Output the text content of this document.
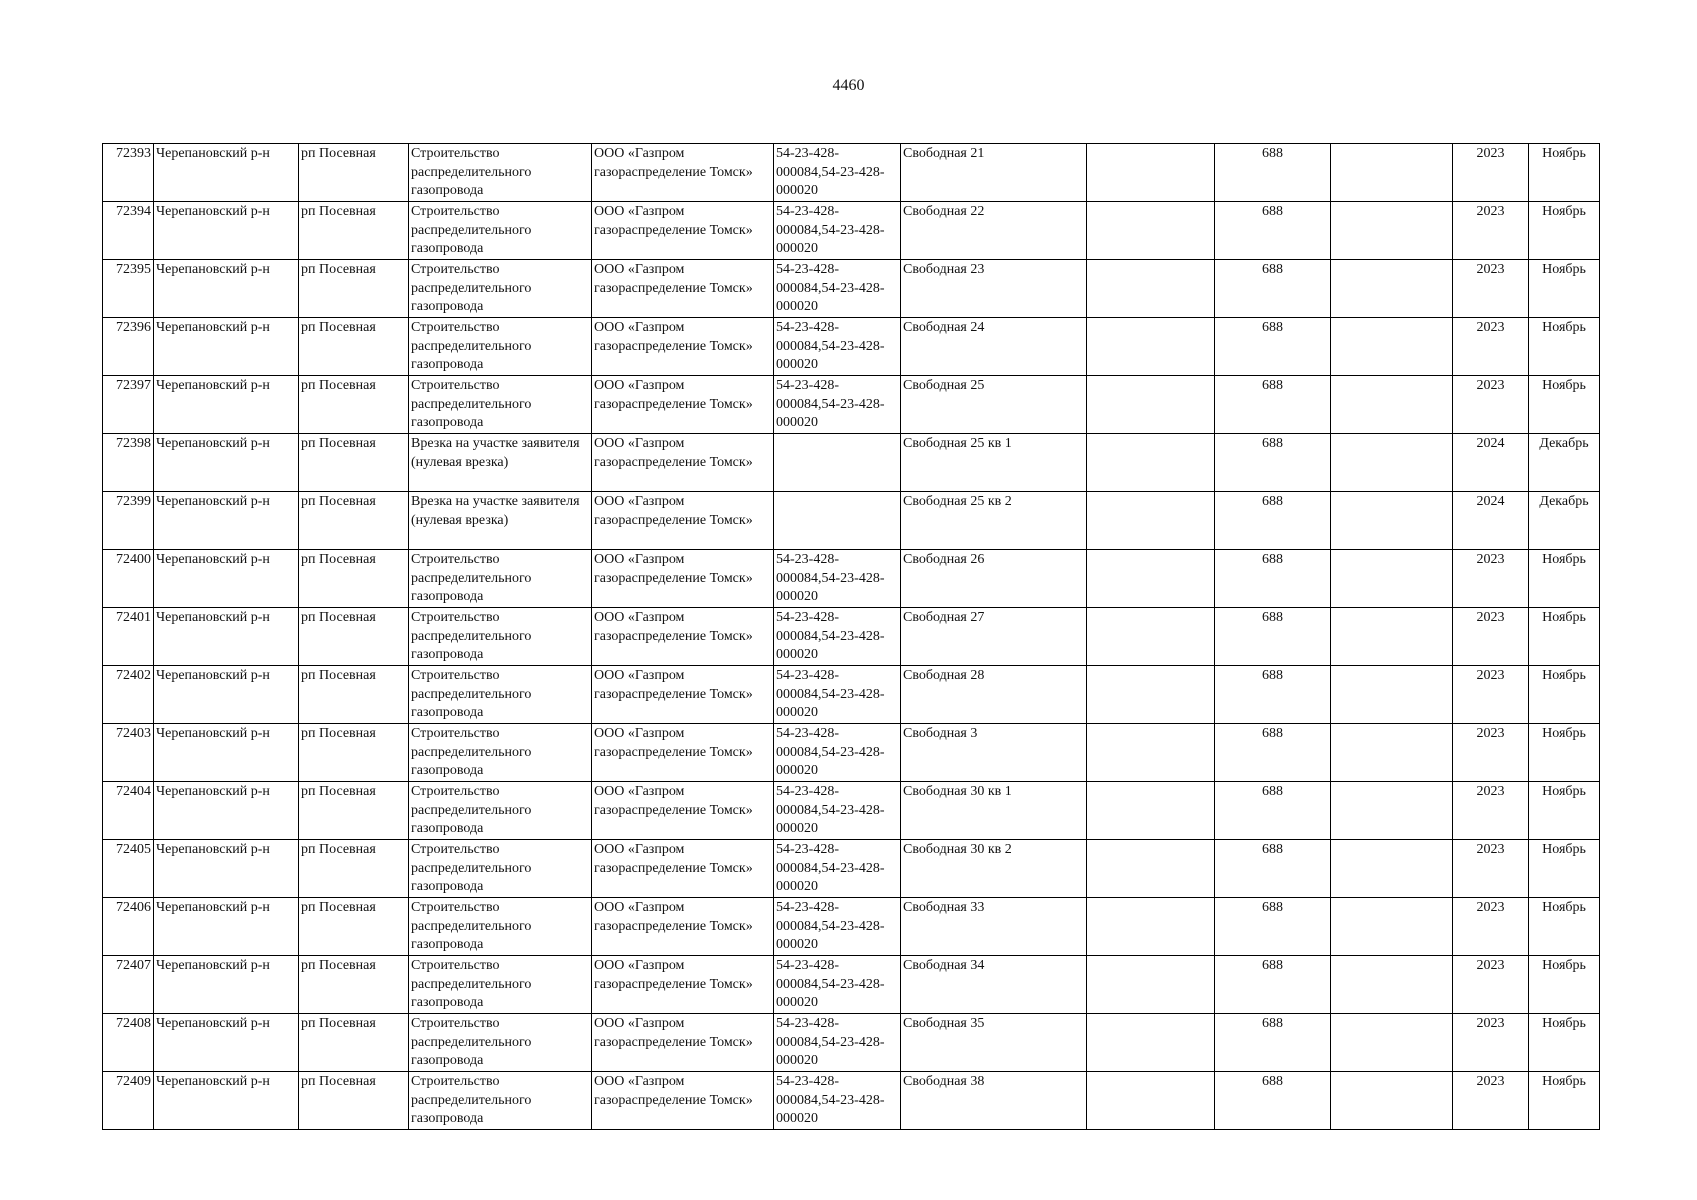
4460
72393	Черепановский р-н	рп Посевная	Строительство распределительного газопровода	ООО «Газпром газораспределение Томск»	54-23-428-000084,54-23-428-000020	Свободная 21		688		2023	Ноябрь
72394	Черепановский р-н	рп Посевная	Строительство распределительного газопровода	ООО «Газпром газораспределение Томск»	54-23-428-000084,54-23-428-000020	Свободная 22		688		2023	Ноябрь
72395	Черепановский р-н	рп Посевная	Строительство распределительного газопровода	ООО «Газпром газораспределение Томск»	54-23-428-000084,54-23-428-000020	Свободная 23		688		2023	Ноябрь
72396	Черепановский р-н	рп Посевная	Строительство распределительного газопровода	ООО «Газпром газораспределение Томск»	54-23-428-000084,54-23-428-000020	Свободная 24		688		2023	Ноябрь
72397	Черепановский р-н	рп Посевная	Строительство распределительного газопровода	ООО «Газпром газораспределение Томск»	54-23-428-000084,54-23-428-000020	Свободная 25		688		2023	Ноябрь
72398	Черепановский р-н	рп Посевная	Врезка на участке заявителя (нулевая врезка)	ООО «Газпром газораспределение Томск»		Свободная 25 кв 1		688		2024	Декабрь
72399	Черепановский р-н	рп Посевная	Врезка на участке заявителя (нулевая врезка)	ООО «Газпром газораспределение Томск»		Свободная 25 кв 2		688		2024	Декабрь
72400	Черепановский р-н	рп Посевная	Строительство распределительного газопровода	ООО «Газпром газораспределение Томск»	54-23-428-000084,54-23-428-000020	Свободная 26		688		2023	Ноябрь
72401	Черепановский р-н	рп Посевная	Строительство распределительного газопровода	ООО «Газпром газораспределение Томск»	54-23-428-000084,54-23-428-000020	Свободная 27		688		2023	Ноябрь
72402	Черепановский р-н	рп Посевная	Строительство распределительного газопровода	ООО «Газпром газораспределение Томск»	54-23-428-000084,54-23-428-000020	Свободная 28		688		2023	Ноябрь
72403	Черепановский р-н	рп Посевная	Строительство распределительного газопровода	ООО «Газпром газораспределение Томск»	54-23-428-000084,54-23-428-000020	Свободная 3		688		2023	Ноябрь
72404	Черепановский р-н	рп Посевная	Строительство распределительного газопровода	ООО «Газпром газораспределение Томск»	54-23-428-000084,54-23-428-000020	Свободная 30 кв 1		688		2023	Ноябрь
72405	Черепановский р-н	рп Посевная	Строительство распределительного газопровода	ООО «Газпром газораспределение Томск»	54-23-428-000084,54-23-428-000020	Свободная 30 кв 2		688		2023	Ноябрь
72406	Черепановский р-н	рп Посевная	Строительство распределительного газопровода	ООО «Газпром газораспределение Томск»	54-23-428-000084,54-23-428-000020	Свободная 33		688		2023	Ноябрь
72407	Черепановский р-н	рп Посевная	Строительство распределительного газопровода	ООО «Газпром газораспределение Томск»	54-23-428-000084,54-23-428-000020	Свободная 34		688		2023	Ноябрь
72408	Черепановский р-н	рп Посевная	Строительство распределительного газопровода	ООО «Газпром газораспределение Томск»	54-23-428-000084,54-23-428-000020	Свободная 35		688		2023	Ноябрь
72409	Черепановский р-н	рп Посевная	Строительство распределительного газопровода	ООО «Газпром газораспределение Томск»	54-23-428-000084,54-23-428-000020	Свободная 38		688		2023	Ноябрь
